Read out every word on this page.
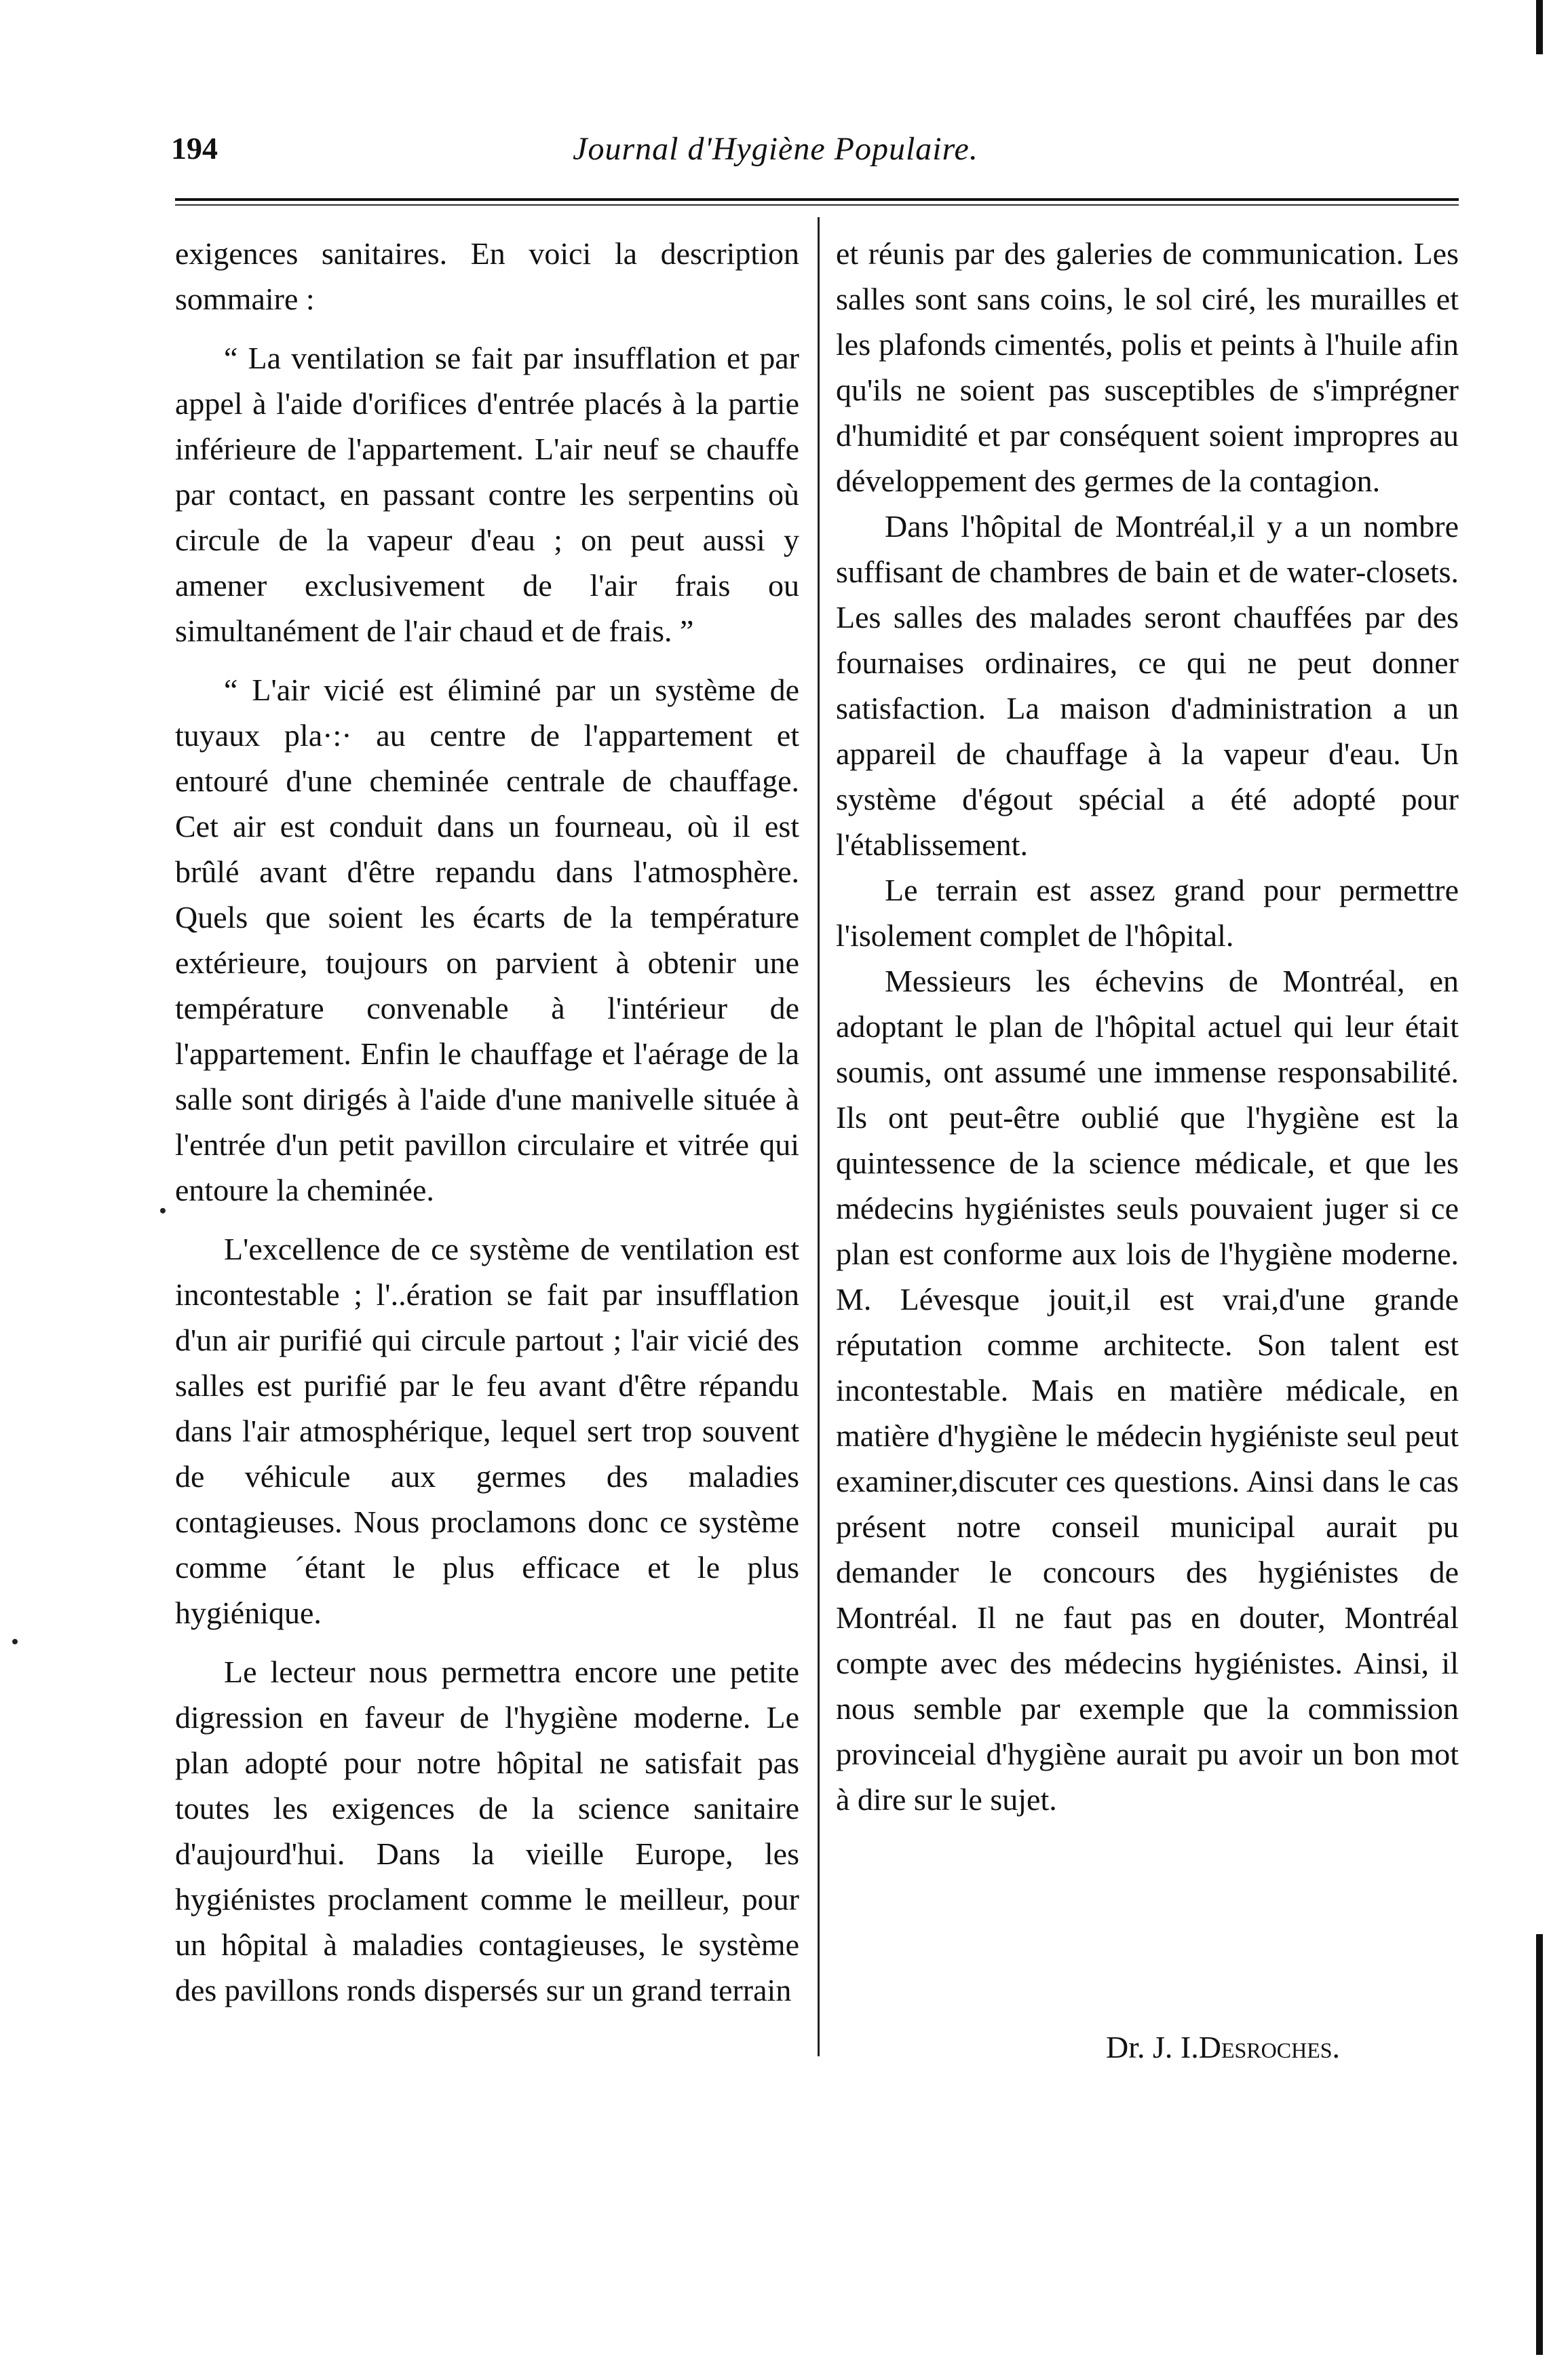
194	Journal d'Hygiène Populaire.

exigences sanitaires. En voici la description sommaire :

“ La ventilation se fait par insufflation et par appel à l'aide d'orifices d'entrée placés à la partie inférieure de l'appartement. L'air neuf se chauffe par contact, en passant contre les serpentins où circule de la vapeur d'eau ; on peut aussi y amener exclusivement de l'air frais ou simultanément de l'air chaud et de frais. ”

“ L'air vicié est éliminé par un système de tuyaux pla·:· au centre de l'appartement et entouré d'une cheminée centrale de chauffage. Cet air est conduit dans un fourneau, où il est brûlé avant d'être repandu dans l'atmosphère. Quels que soient les écarts de la température extérieure, toujours on parvient à obtenir une température convenable à l'intérieur de l'appartement. Enfin le chauffage et l'aérage de la salle sont dirigés à l'aide d'une manivelle située à l'entrée d'un petit pavillon circulaire et vitrée qui entoure la cheminée.

L'excellence de ce système de ventilation est incontestable ; l'..ération se fait par insufflation d'un air purifié qui circule partout ; l'air vicié des salles est purifié par le feu avant d'être répandu dans l'air atmosphérique, lequel sert trop souvent de véhicule aux germes des maladies contagieuses. Nous proclamons donc ce système comme ´étant le plus efficace et le plus hygiénique.

Le lecteur nous permettra encore une petite digression en faveur de l'hygiène moderne. Le plan adopté pour notre hôpital ne satisfait pas toutes les exigences de la science sanitaire d'aujourd'hui. Dans la vieille Europe, les hygiénistes proclament comme le meilleur, pour un hôpital à maladies contagieuses, le système des pavillons ronds dispersés sur un grand terrain

et réunis par des galeries de communication. Les salles sont sans coins, le sol ciré, les murailles et les plafonds cimentés, polis et peints à l'huile afin qu'ils ne soient pas susceptibles de s'imprégner d'humidité et par conséquent soient impropres au développement des germes de la contagion.

Dans l'hôpital de Montréal,il y a un nombre suffisant de chambres de bain et de water-closets. Les salles des malades seront chauffées par des fournaises ordinaires, ce qui ne peut donner satisfaction. La maison d'administration a un appareil de chauffage à la vapeur d'eau. Un système d'égout spécial a été adopté pour l'établissement.

Le terrain est assez grand pour permettre l'isolement complet de l'hôpital.

Messieurs les échevins de Montréal, en adoptant le plan de l'hôpital actuel qui leur était soumis, ont assumé une immense responsabilité. Ils ont peut-être oublié que l'hygiène est la quintessence de la science médicale, et que les médecins hygiénistes seuls pouvaient juger si ce plan est conforme aux lois de l'hygiène moderne. M. Lévesque jouit,il est vrai,d'une grande réputation comme architecte. Son talent est incontestable. Mais en matière médicale, en matière d'hygiène le médecin hygiéniste seul peut examiner,discuter ces questions. Ainsi dans le cas présent notre conseil municipal aurait pu demander le concours des hygiénistes de Montréal. Il ne faut pas en douter, Montréal compte avec des médecins hygiénistes. Ainsi, il nous semble par exemple que la commission provinceial d'hygiène aurait pu avoir un bon mot à dire sur le sujet.

Dr. J. I.Desroches.
